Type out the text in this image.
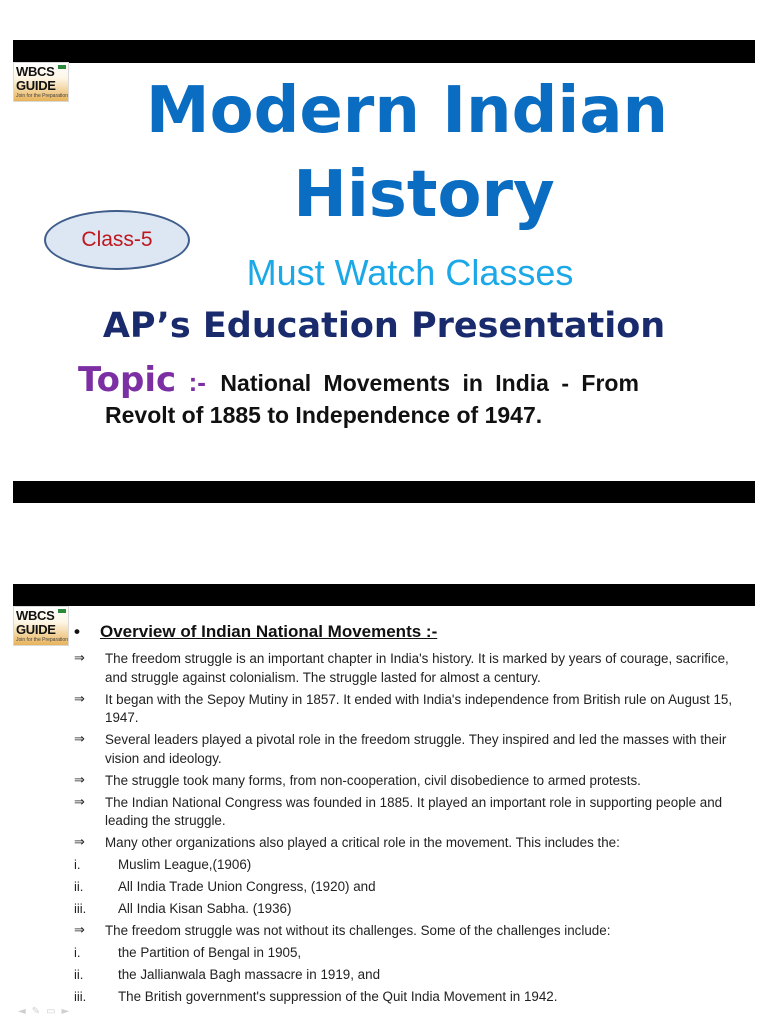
WBCS
GUIDE
Join for the Preparation	Modern Indian
History
Class-5
Must Watch Classes
AP’s Education Presentation
Topic :- National Movements in India - From
Revolt of 1885 to Independence of 1947.
WBCS
GUIDE
Join for the Preparation • Overview of Indian National Movements :-
⇒	The freedom struggle is an important chapter in India's history. It is marked by years of courage, sacrifice, and struggle against colonialism. The struggle lasted for almost a century.
⇒	It began with the Sepoy Mutiny in 1857. It ended with India's independence from British rule on August 15, 1947.
⇒	Several leaders played a pivotal role in the freedom struggle. They inspired and led the masses with their vision and ideology.
⇒	The struggle took many forms, from non-cooperation, civil disobedience to armed protests.
⇒	The Indian National Congress was founded in 1885. It played an important role in supporting people and leading the struggle.
⇒	Many other organizations also played a critical role in the movement. This includes the:
i.	Muslim League,(1906)
ii.	All India Trade Union Congress, (1920) and
iii.	All India Kisan Sabha. (1936)
⇒	The freedom struggle was not without its challenges. Some of the challenges include:
i.	the Partition of Bengal in 1905,
ii.	the Jallianwala Bagh massacre in 1919, and
iii.	The British government's suppression of the Quit India Movement in 1942.
◄✎▭►
